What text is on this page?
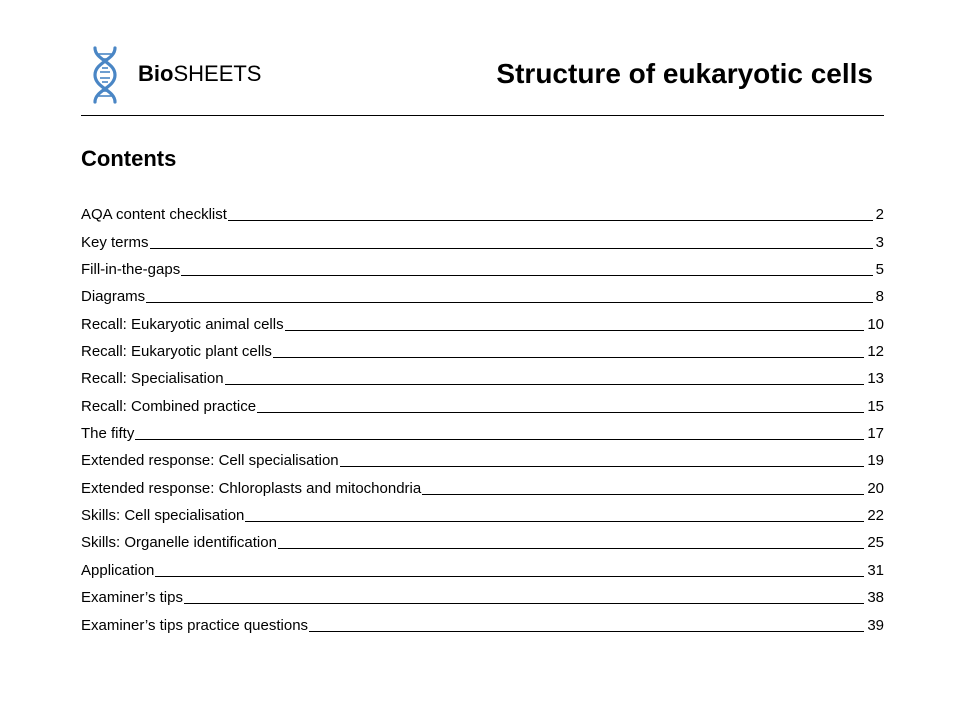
BioSHEETS	Structure of eukaryotic cells
Contents
AQA content checklist	2
Key terms	3
Fill-in-the-gaps	5
Diagrams	8
Recall: Eukaryotic animal cells	10
Recall: Eukaryotic plant cells	12
Recall: Specialisation	13
Recall: Combined practice	15
The fifty	17
Extended response: Cell specialisation	19
Extended response: Chloroplasts and mitochondria	20
Skills: Cell specialisation	22
Skills: Organelle identification	25
Application	31
Examiner’s tips	38
Examiner’s tips practice questions	39
